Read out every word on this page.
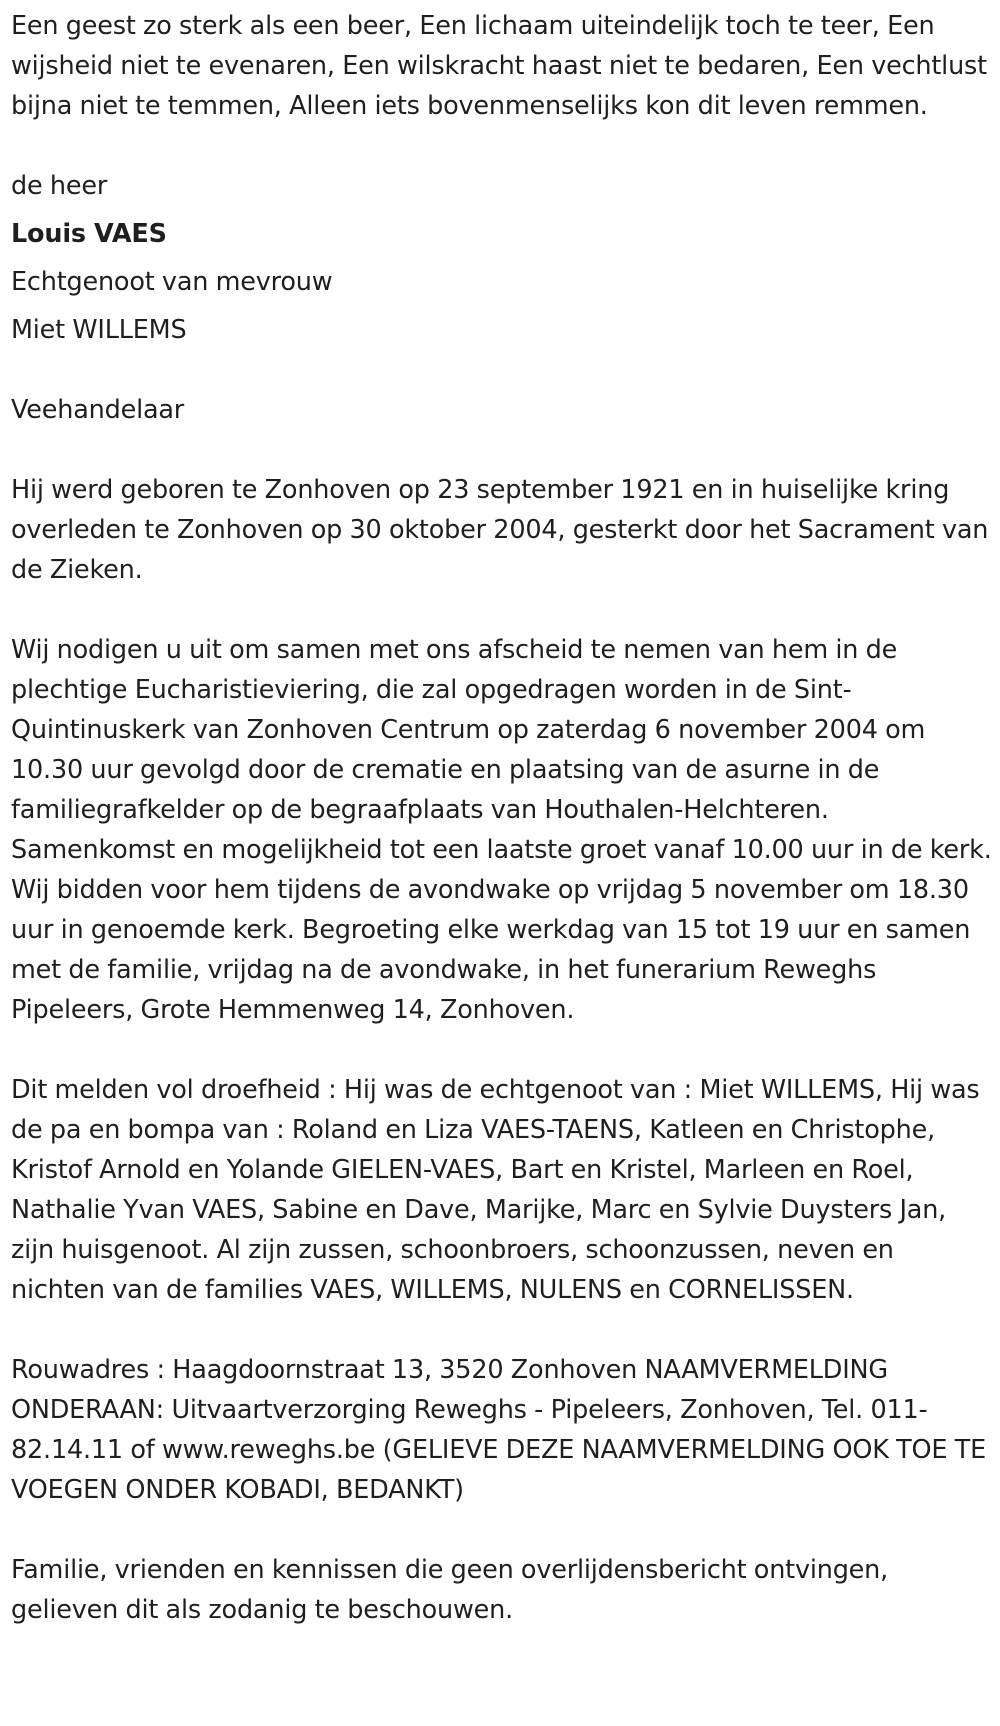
Een geest zo sterk als een beer, Een lichaam uiteindelijk toch te teer, Een wijsheid niet te evenaren, Een wilskracht haast niet te bedaren, Een vechtlust bijna niet te temmen, Alleen iets bovenmenselijks kon dit leven remmen.

de heer

Louis VAES

Echtgenoot van mevrouw

Miet WILLEMS

Veehandelaar

Hij werd geboren te Zonhoven op 23 september 1921 en in huiselijke kring overleden te Zonhoven op 30 oktober 2004, gesterkt door het Sacrament van de Zieken.

Wij nodigen u uit om samen met ons afscheid te nemen van hem in de plechtige Eucharistieviering, die zal opgedragen worden in de Sint-Quintinuskerk van Zonhoven Centrum op zaterdag 6 november 2004 om 10.30 uur gevolgd door de crematie en plaatsing van de asurne in de familiegrafkelder op de begraafplaats van Houthalen-Helchteren. Samenkomst en mogelijkheid tot een laatste groet vanaf 10.00 uur in de kerk. Wij bidden voor hem tijdens de avondwake op vrijdag 5 november om 18.30 uur in genoemde kerk. Begroeting elke werkdag van 15 tot 19 uur en samen met de familie, vrijdag na de avondwake, in het funerarium Reweghs Pipeleers, Grote Hemmenweg 14, Zonhoven.

Dit melden vol droefheid : Hij was de echtgenoot van : Miet WILLEMS, Hij was de pa en bompa van : Roland en Liza VAES-TAENS, Katleen en Christophe, Kristof Arnold en Yolande GIELEN-VAES, Bart en Kristel, Marleen en Roel, Nathalie Yvan VAES, Sabine en Dave, Marijke, Marc en Sylvie Duysters Jan, zijn huisgenoot. Al zijn zussen, schoonbroers, schoonzussen, neven en nichten van de families VAES, WILLEMS, NULENS en CORNELISSEN.

Rouwadres : Haagdoornstraat 13, 3520 Zonhoven NAAMVERMELDING ONDERAAN: Uitvaartverzorging Reweghs - Pipeleers, Zonhoven, Tel. 011-82.14.11 of www.reweghs.be (GELIEVE DEZE NAAMVERMELDING OOK TOE TE VOEGEN ONDER KOBADI, BEDANKT)

Familie, vrienden en kennissen die geen overlijdensbericht ontvingen, gelieven dit als zodanig te beschouwen.
